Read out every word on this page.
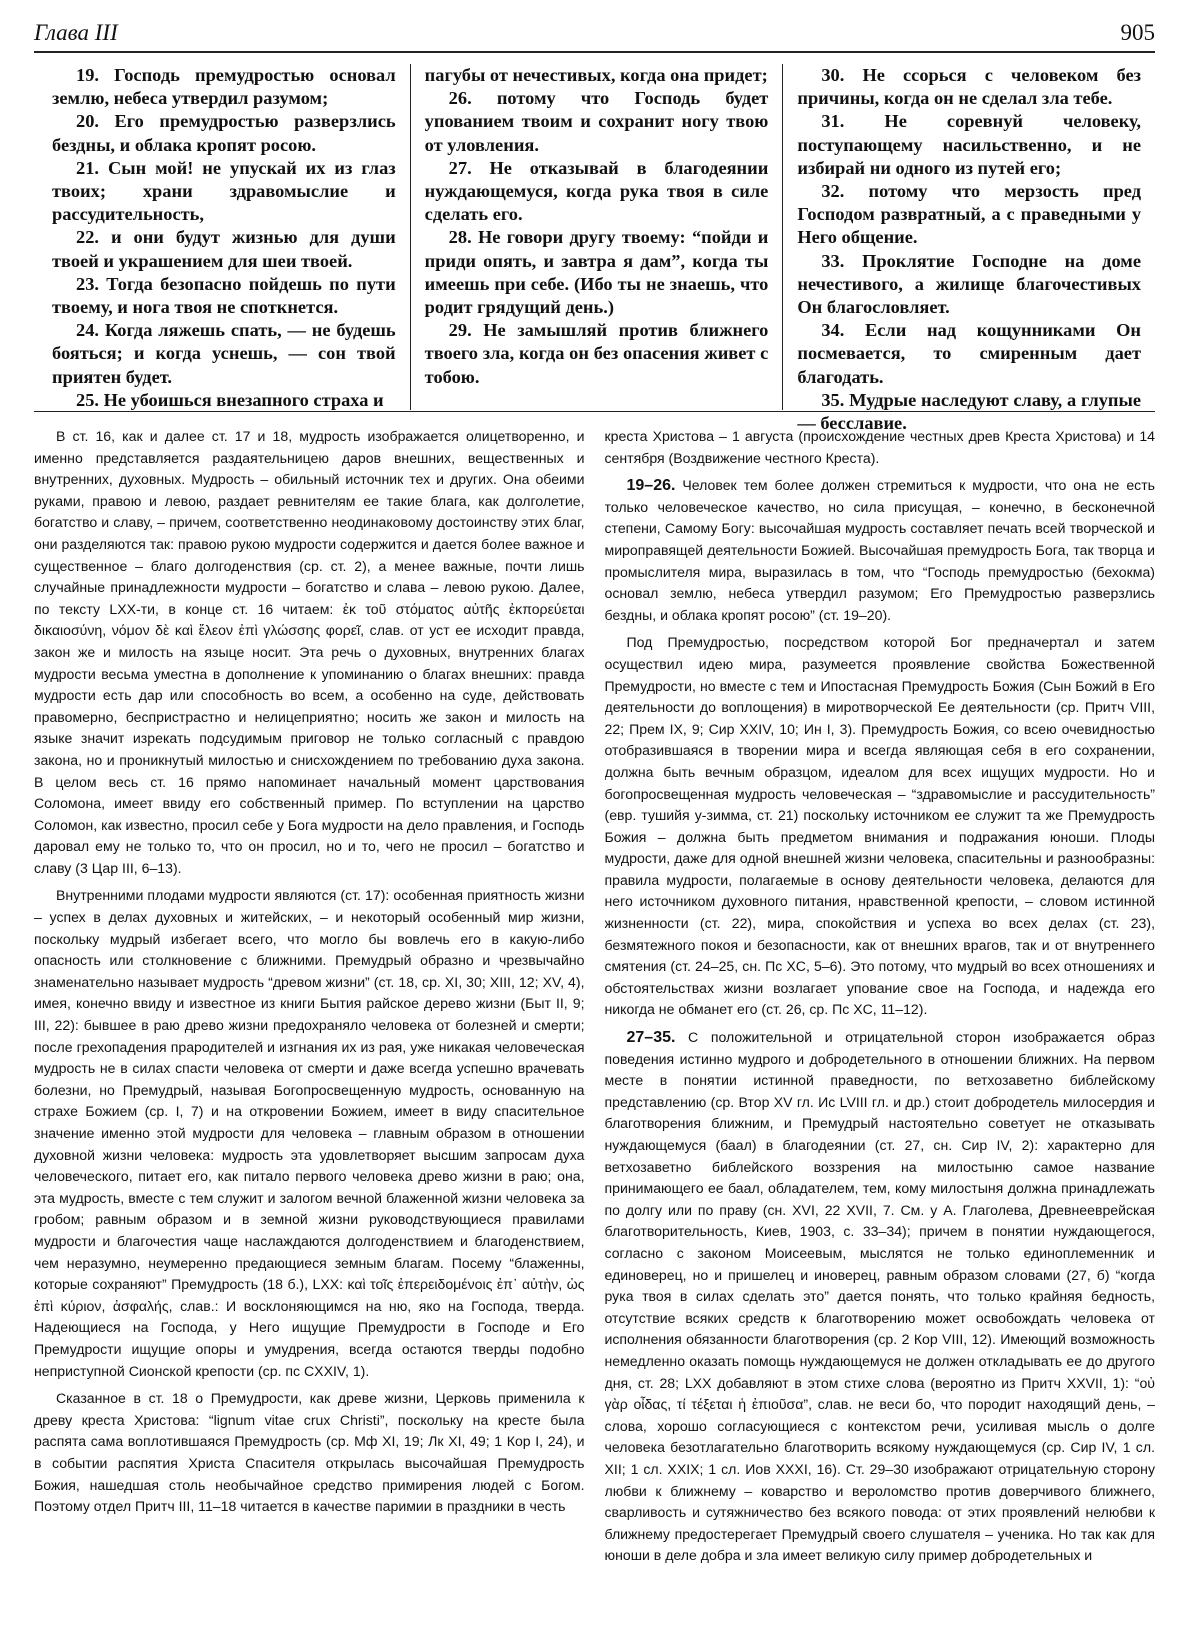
Глава III	905

19. Господь премудростью основал землю, небеса утвердил разумом;

20. Его премудростью разверзлись бездны, и облака кропят росою.

21. Сын мой! не упускай их из глаз твоих; храни здравомыслие и рассудительность,

22. и они будут жизнью для души твоей и украшением для шеи твоей.

23. Тогда безопасно пойдешь по пути твоему, и нога твоя не споткнется.

24. Когда ляжешь спать, — не будешь бояться; и когда уснешь, — сон твой приятен будет.

25. Не убоишься внезапного страха и

пагубы от нечестивых, когда она придет;

26. потому что Господь будет упованием твоим и сохранит ногу твою от уловления.

27. Не отказывай в благодеянии нуждающемуся, когда рука твоя в силе сделать его.

28. Не говори другу твоему: “пойди и приди опять, и завтра я дам”, когда ты имеешь при себе. (Ибо ты не знаешь, что родит грядущий день.)

29. Не замышляй против ближнего твоего зла, когда он без опасения живет с тобою.

30. Не ссорься с человеком без причины, когда он не сделал зла тебе.

31. Не соревнуй человеку, поступающему насильственно, и не избирай ни одного из путей его;

32. потому что мерзость пред Господом развратный, а с праведными у Него общение.

33. Проклятие Господне на доме нечестивого, а жилище благочестивых Он благословляет.

34. Если над кощунниками Он посмевается, то смиренным дает благодать.

35. Мудрые наследуют славу, а глупые — бесславие.

В ст. 16, как и далее ст. 17 и 18, мудрость изображается олицетворенно, и именно представляется раздаятельницею даров внешних, вещественных и внутренних, духовных. Мудрость – обильный источник тех и других. Она обеими руками, правою и левою, раздает ревнителям ее такие блага, как долголетие, богатство и славу, – причем, соответственно неодинаковому достоинству этих благ, они разделяются так: правою рукою мудрости содержится и дается более важное и существенное – благо долгоденствия (ср. ст. 2), а менее важные, почти лишь случайные принадлежности мудрости – богатство и слава – левою рукою. Далее, по тексту LXX-ти, в конце ст. 16 читаем: ἐκ τοῦ στόματος αὐτῆς ἐκπορεύεται δικαιοσύνη, νόμον δὲ καὶ ἔλεον ἐπὶ γλώσσης φορεῖ, слав. от уст ее исходит правда, закон же и милость на языце носит. Эта речь о духовных, внутренних благах мудрости весьма уместна в дополнение к упоминанию о благах внешних: правда мудрости есть дар или способность во всем, а особенно на суде, действовать правомерно, беспристрастно и нелицеприятно; носить же закон и милость на языке значит изрекать подсудимым приговор не только согласный с правдою закона, но и проникнутый милостью и снисхождением по требованию духа закона. В целом весь ст. 16 прямо напоминает начальный момент царствования Соломона, имеет ввиду его собственный пример. По вступлении на царство Соломон, как известно, просил себе у Бога мудрости на дело правления, и Господь даровал ему не только то, что он просил, но и то, чего не просил – богатство и славу (3 Цар III, 6–13).

Внутренними плодами мудрости являются (ст. 17): особенная приятность жизни – успех в делах духовных и житейских, – и некоторый особенный мир жизни, поскольку мудрый избегает всего, что могло бы вовлечь его в какую-либо опасность или столкновение с ближними. Премудрый образно и чрезвычайно знаменательно называет мудрость “древом жизни” (ст. 18, ср. XI, 30; XIII, 12; XV, 4), имея, конечно ввиду и известное из книги Бытия райское дерево жизни (Быт II, 9; III, 22): бывшее в раю древо жизни предохраняло человека от болезней и смерти; после грехопадения прародителей и изгнания их из рая, уже никакая человеческая мудрость не в силах спасти человека от смерти и даже всегда успешно врачевать болезни, но Премудрый, называя Богопросвещенную мудрость, основанную на страхе Божием (ср. I, 7) и на откровении Божием, имеет в виду спасительное значение именно этой мудрости для человека – главным образом в отношении духовной жизни человека: мудрость эта удовлетворяет высшим запросам духа человеческого, питает его, как питало первого человека древо жизни в раю; она, эта мудрость, вместе с тем служит и залогом вечной блаженной жизни человека за гробом; равным образом и в земной жизни руководствующиеся правилами мудрости и благочестия чаще наслаждаются долгоденствием и благоденствием, чем неразумно, неумеренно предающиеся земным благам. Посему “блаженны, которые сохраняют” Премудрость (18 б.), LXX: καὶ τοῖς ἐπερειδομένοις ἐπ᾽ αὐτὴν, ὡς ἐπὶ κύριον, ἀσφαλής, слав.: И восклоняющимся на ню, яко на Господа, тверда. Надеющиеся на Господа, у Него ищущие Премудрости в Господе и Его Премудрости ищущие опоры и умудрения, всегда остаются тверды подобно неприступной Сионской крепости (ср. пс CXXIV, 1).

Сказанное в ст. 18 о Премудрости, как древе жизни, Церковь применила к древу креста Христова: “lignum vitae crux Christi”, поскольку на кресте была распята сама воплотившаяся Премудрость (ср. Мф XI, 19; Лк XI, 49; 1 Кор I, 24), и в событии распятия Христа Спасителя открылась высочайшая Премудрость Божия, нашедшая столь необычайное средство примирения людей с Богом. Поэтому отдел Притч III, 11–18 читается в качестве паримии в праздники в честь

креста Христова – 1 августа (происхождение честных древ Креста Христова) и 14 сентября (Воздвижение честного Креста).

19–26. Человек тем более должен стремиться к мудрости, что она не есть только человеческое качество, но сила присущая, – конечно, в бесконечной степени, Самому Богу: высочайшая мудрость составляет печать всей творческой и мироправящей деятельности Божией. Высочайшая премудрость Бога, так творца и промыслителя мира, выразилась в том, что “Господь премудростью (бехокма) основал землю, небеса утвердил разумом; Его Премудростью разверзлись бездны, и облака кропят росою” (ст. 19–20).

Под Премудростью, посредством которой Бог предначертал и затем осуществил идею мира, разумеется проявление свойства Божественной Премудрости, но вместе с тем и Ипостасная Премудрость Божия (Сын Божий в Его деятельности до воплощения) в миротворческой Ее деятельности (ср. Притч VIII, 22; Прем IX, 9; Сир XXIV, 10; Ин I, 3). Премудрость Божия, со всею очевидностью отобразившаяся в творении мира и всегда являющая себя в его сохранении, должна быть вечным образцом, идеалом для всех ищущих мудрости. Но и богопросвещенная мудрость человеческая – “здравомыслие и рассудительность” (евр. тушийя у-зимма, ст. 21) поскольку источником ее служит та же Премудрость Божия – должна быть предметом внимания и подражания юноши. Плоды мудрости, даже для одной внешней жизни человека, спасительны и разнообразны: правила мудрости, полагаемые в основу деятельности человека, делаются для него источником духовного питания, нравственной крепости, – словом истинной жизненности (ст. 22), мира, спокойствия и успеха во всех делах (ст. 23), безмятежного покоя и безопасности, как от внешних врагов, так и от внутреннего смятения (ст. 24–25, сн. Пс XC, 5–6). Это потому, что мудрый во всех отношениях и обстоятельствах жизни возлагает упование свое на Господа, и надежда его никогда не обманет его (ст. 26, ср. Пс XC, 11–12).

27–35. С положительной и отрицательной сторон изображается образ поведения истинно мудрого и добродетельного в отношении ближних. На первом месте в понятии истинной праведности, по ветхозаветно библейскому представлению (ср. Втор XV гл. Ис LVIII гл. и др.) стоит добродетель милосердия и благотворения ближним, и Премудрый настоятельно советует не отказывать нуждающемуся (баал) в благодеянии (ст. 27, сн. Сир IV, 2): характерно для ветхозаветно библейского воззрения на милостыню самое название принимающего ее баал, обладателем, тем, кому милостыня должна принадлежать по долгу или по праву (сн. XVI, 22 XVII, 7. См. у А. Глаголева, Древнееврейская благотворительность, Киев, 1903, с. 33–34); причем в понятии нуждающегося, согласно с законом Моисеевым, мыслятся не только единоплеменник и единоверец, но и пришелец и иноверец, равным образом словами (27, б) “когда рука твоя в силах сделать это” дается понять, что только крайняя бедность, отсутствие всяких средств к благотворению может освобождать человека от исполнения обязанности благотворения (ср. 2 Кор VIII, 12). Имеющий возможность немедленно оказать помощь нуждающемуся не должен откладывать ее до другого дня, ст. 28; LXX добавляют в этом стихе слова (вероятно из Притч XXVII, 1): “οὐ γὰρ οἶδας, τί τέξεται ἡ ἐπιοῦσα”, слав. не веси бо, что породит находящий день, – слова, хорошо согласующиеся с контекстом речи, усиливая мысль о долге человека безотлагательно благотворить всякому нуждающемуся (ср. Сир IV, 1 сл. XII; 1 сл. XXIX; 1 сл. Иов XXXI, 16). Ст. 29–30 изображают отрицательную сторону любви к ближнему – коварство и вероломство против доверчивого ближнего, сварливость и сутяжничество без всякого повода: от этих проявлений нелюбви к ближнему предостерегает Премудрый своего слушателя – ученика. Но так как для юноши в деле добра и зла имеет великую силу пример добродетельных и
